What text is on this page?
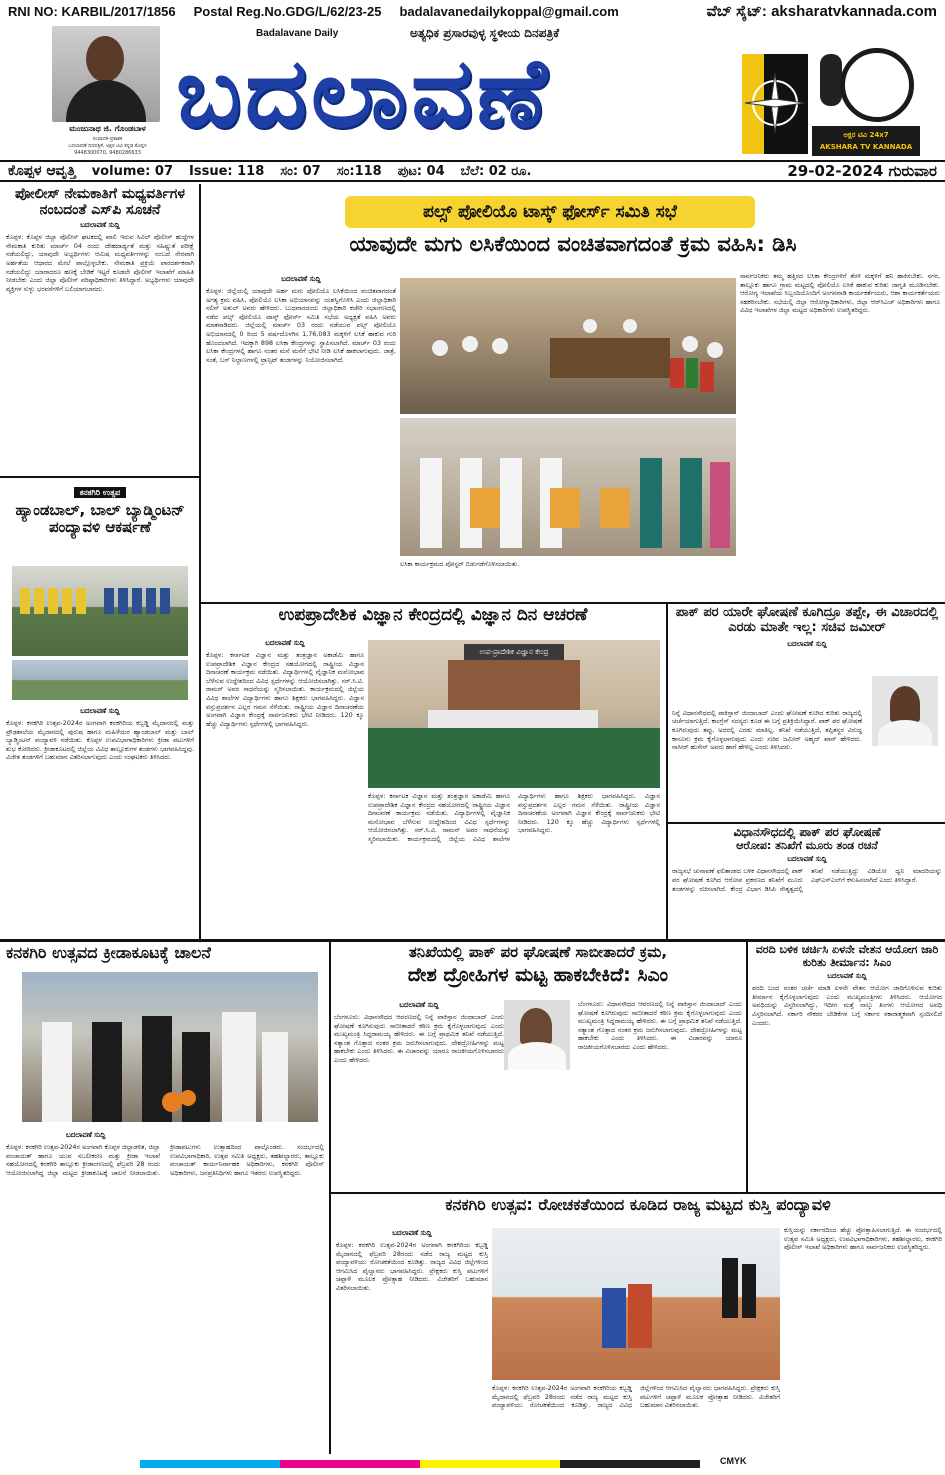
RNI NO: KARBIL/2017/1856 Postal Reg.No.GDG/L/62/23-25 badalavanedailykoppal@gmail.com	ವೆಬ್ ಸೈಟ್: aksharatvkannada.com
ಮಂಜುನಾಥ ಜಿ. ಗೊಂಡಬಾಳ
ಸಂಪಾದಕ-ಪ್ರಕಾಶಕ
ಬದಲಾವಣೆ ದಿನಪತ್ರಿಕೆ, ಅಕ್ಷರ ಟಿವಿ ಕನ್ನಡ ಕೊಪ್ಪಳ
9448300070, 9480286633
Badalavane Daily	ಅತ್ಯಧಿಕ ಪ್ರಸಾರವುಳ್ಳ ಸ್ಥಳೀಯ ದಿನಪತ್ರಿಕೆ
ಬದಲಾವಣೆ	ಅಕ್ಷರ ಟಿವಿ 24x7
AKSHARA TV KANNADA
ಕೊಪ್ಪಳ ಆವೃತ್ತಿ	volume: 07	Issue: 118	ಸಂ: 07	ಸಂ:118	ಪುಟ: 04	ಬೆಲೆ: 02 ರೂ.	29-02-2024 ಗುರುವಾರ
ಪೋಲೀಸ್ ನೇಮಕಾತಿಗೆ ಮಧ್ಯವರ್ತಿಗಳ ನಂಬದಂತೆ ಎಸ್‌ಪಿ ಸೂಚನೆ
ಬದಲಾವಣೆ ಸುದ್ದಿ
ಕೊಪ್ಪಳ: ಕೊಪ್ಪಳ ಜಿಲ್ಲಾ ಪೊಲೀಸ್ ಘಟಕದಲ್ಲಿ ಖಾಲಿ ಇರುವ ಸಿವಿಲ್ ಪೊಲೀಸ್ ಹುದ್ದೆಗಳ ನೇಮಕಾತಿ ಕುರಿತು ಮಾರ್ಚ್ 04 ರಂದು ದೇಹದಾರ್ಢ್ಯತೆ ಮತ್ತು ಸಹಿಷ್ಣುತೆ ಪರೀಕ್ಷೆ ನಡೆಯಲಿದ್ದು, ಯಾವುದೇ ಅಭ್ಯರ್ಥಿಗಳು ಆಮಿಷ ಮಧ್ಯವರ್ತಿಗಳನ್ನು ನಂಬದೆ ನೇರವಾಗಿ ಅರ್ಹತೆಯ ಆಧಾರದ ಮೇಲೆ ಪಾಲ್ಗೊಳ್ಳಬೇಕು. ನೇಮಕಾತಿ ಪ್ರಕ್ರಿಯೆ ಪಾರದರ್ಶಕವಾಗಿ ನಡೆಯಲಿದ್ದು ಯಾರಾದರೂ ಹಣಕ್ಕೆ ಬೇಡಿಕೆ ಇಟ್ಟರೆ ಕೂಡಲೇ ಪೊಲೀಸ್ ಇಲಾಖೆಗೆ ಮಾಹಿತಿ ನೀಡಬೇಕು ಎಂದು ಜಿಲ್ಲಾ ಪೊಲೀಸ್ ವರಿಷ್ಠಾಧಿಕಾರಿಗಳು ತಿಳಿಸಿದ್ದಾರೆ. ಅಭ್ಯರ್ಥಿಗಳು ಯಾವುದೇ ವ್ಯಕ್ತಿಗಳ ಸುಳ್ಳು ಭರವಸೆಗಳಿಗೆ ಬಲಿಯಾಗಬಾರದು.
ಕನಕಗಿರಿ ಉತ್ಸವ
ಹ್ಯಾಂಡಬಾಲ್, ಬಾಲ್ ಬ್ಯಾಡ್ಮಿಂಟನ್ ಪಂದ್ಯಾವಳಿ ಆಕರ್ಷಣೆ
ಬದಲಾವಣೆ ಸುದ್ದಿ
ಕೊಪ್ಪಳ: ಕನಕಗಿರಿ ಉತ್ಸವ-2024ರ ಅಂಗವಾಗಿ ಕನಕಗಿರಿಯ ಕಬ್ಬಡ್ಡಿ ಮೈದಾನದಲ್ಲಿ ಮತ್ತು ಪ್ರೌಢಶಾಲೆಯ ಮೈದಾನದಲ್ಲಿ ಪುರುಷ ಹಾಗೂ ಮಹಿಳೆಯರ ಹ್ಯಾಂಡಬಾಲ್ ಮತ್ತು ಬಾಲ್ ಬ್ಯಾಡ್ಮಿಂಟನ್ ಪಂದ್ಯಾವಳಿ ನಡೆಯಿತು. ಕೊಪ್ಪಳ ಉಪವಿಭಾಗಾಧಿಕಾರಿಗಳು ಕ್ರೀಡಾ ಪಟುಗಳಿಗೆ ಶುಭ ಕೋರಿದರು. ಕ್ರೀಡಾಕೂಟದಲ್ಲಿ ಜಿಲ್ಲೆಯ ವಿವಿಧ ತಾಲ್ಲೂಕುಗಳ ತಂಡಗಳು ಭಾಗವಹಿಸಿದ್ದವು. ವಿಜೇತ ತಂಡಗಳಿಗೆ ಬಹುಮಾನ ವಿತರಿಸಲಾಗುವುದು ಎಂದು ಸಂಘಟಕರು ತಿಳಿಸಿದರು.
ಪಲ್ಸ್ ಪೋಲಿಯೊ ಟಾಸ್ಕ್ ಫೋರ್ಸ್ ಸಮಿತಿ ಸಭೆ
ಯಾವುದೇ ಮಗು ಲಸಿಕೆಯಿಂದ ವಂಚಿತವಾಗದಂತೆ ಕ್ರಮ ವಹಿಸಿ: ಡಿಸಿ
ಬದಲಾವಣೆ ಸುದ್ದಿ
ಕೊಪ್ಪಳ: ಜಿಲ್ಲೆಯಲ್ಲಿ ಯಾವುದೇ ಅರ್ಹ ಮಗು ಪೋಲಿಯೊ ಲಸಿಕೆಯಿಂದ ವಂಚಿತವಾಗದಂತೆ ಅಗತ್ಯ ಕ್ರಮ ವಹಿಸಿ, ಪೋಲಿಯೊ ಲಸಿಕಾ ಅಭಿಯಾನವನ್ನು ಯಶಸ್ವಿಗೊಳಿಸಿ ಎಂದು ಜಿಲ್ಲಾಧಿಕಾರಿ ನಲಿನ್ ಅತುಲ್ ಅವರು ಹೇಳಿದರು. ಬುಧವಾರದಂದು ಜಿಲ್ಲಾಧಿಕಾರಿ ಕಚೇರಿ ಸಭಾಂಗಣದಲ್ಲಿ ನಡೆದ ಪಲ್ಸ್ ಪೋಲಿಯೊ ಟಾಸ್ಕ್ ಫೋರ್ಸ್ ಸಮಿತಿ ಸಭೆಯ ಅಧ್ಯಕ್ಷತೆ ವಹಿಸಿ ಅವರು ಮಾತನಾಡಿದರು. ಜಿಲ್ಲೆಯಲ್ಲಿ ಮಾರ್ಚ್ 03 ರಂದು ನಡೆಯುವ ಪಲ್ಸ್ ಪೋಲಿಯೊ ಅಭಿಯಾನದಲ್ಲಿ 0 ರಿಂದ 5 ವರ್ಷದೊಳಗಿನ 1,76,083 ಮಕ್ಕಳಿಗೆ ಲಸಿಕೆ ಹಾಕುವ ಗುರಿ ಹೊಂದಲಾಗಿದೆ. ಇದಕ್ಕಾಗಿ 898 ಲಸಿಕಾ ಕೇಂದ್ರಗಳನ್ನು ಸ್ಥಾಪಿಸಲಾಗಿದೆ. ಮಾರ್ಚ್ 03 ರಂದು ಲಸಿಕಾ ಕೇಂದ್ರಗಳಲ್ಲಿ ಹಾಗೂ ನಂತರ ಮನೆ ಮನೆಗೆ ಭೇಟಿ ನೀಡಿ ಲಸಿಕೆ ಹಾಕಲಾಗುವುದು. ಜಾತ್ರೆ, ಸಂತೆ, ಬಸ್ ನಿಲ್ದಾಣಗಳಲ್ಲಿ ಟ್ರಾನ್ಸಿಟ್ ತಂಡಗಳನ್ನು ನಿಯೋಜಿಸಲಾಗಿದೆ.
ಲಸಿಕಾ ಕಾರ್ಯಕ್ರಮದ ಪೋಸ್ಟರ್ ಬಿಡುಗಡೆಗೊಳಿಸಲಾಯಿತು.
ಸಾರ್ವಜನಿಕರು ತಮ್ಮ ಹತ್ತಿರದ ಲಸಿಕಾ ಕೇಂದ್ರಗಳಿಗೆ ತೆರಳಿ ಮಕ್ಕಳಿಗೆ ಹನಿ ಹಾಕಿಸಬೇಕು. ನಗರ, ತಾಲ್ಲೂಕು ಹಾಗೂ ಗ್ರಾಮ ಮಟ್ಟದಲ್ಲಿ ಪೋಲಿಯೊ ಲಸಿಕೆ ಹಾಕುವ ಕುರಿತು ಜಾಗೃತಿ ಮೂಡಿಸಬೇಕು. ಆರೋಗ್ಯ ಇಲಾಖೆಯ ಸಿಬ್ಬಂದಿಯೊಂದಿಗೆ ಅಂಗನವಾಡಿ ಕಾರ್ಯಕರ್ತೆಯರು, ಆಶಾ ಕಾರ್ಯಕರ್ತೆಯರು ಸಹಕರಿಸಬೇಕು. ಸಭೆಯಲ್ಲಿ ಜಿಲ್ಲಾ ಆರೋಗ್ಯಾಧಿಕಾರಿಗಳು, ಜಿಲ್ಲಾ ಆರ್‌ಸಿಎಚ್ ಅಧಿಕಾರಿಗಳು ಹಾಗೂ ವಿವಿಧ ಇಲಾಖೆಗಳ ಜಿಲ್ಲಾ ಮಟ್ಟದ ಅಧಿಕಾರಿಗಳು ಉಪಸ್ಥಿತರಿದ್ದರು.
ಉಪಪ್ರಾದೇಶಿಕ ವಿಜ್ಞಾನ ಕೇಂದ್ರದಲ್ಲಿ ವಿಜ್ಞಾನ ದಿನ ಆಚರಣೆ
ಬದಲಾವಣೆ ಸುದ್ದಿ
ಕೊಪ್ಪಳ: ಕರ್ನಾಟಕ ವಿಜ್ಞಾನ ಮತ್ತು ತಂತ್ರಜ್ಞಾನ ಅಕಾಡೆಮಿ ಹಾಗೂ ಉಪಪ್ರಾದೇಶಿಕ ವಿಜ್ಞಾನ ಕೇಂದ್ರದ ಸಹಯೋಗದಲ್ಲಿ ರಾಷ್ಟ್ರೀಯ ವಿಜ್ಞಾನ ದಿನಾಚರಣೆ ಕಾರ್ಯಕ್ರಮ ನಡೆಯಿತು. ವಿದ್ಯಾರ್ಥಿಗಳಲ್ಲಿ ವೈಜ್ಞಾನಿಕ ಮನೋಭಾವ ಬೆಳೆಸುವ ಉದ್ದೇಶದಿಂದ ವಿವಿಧ ಸ್ಪರ್ಧೆಗಳನ್ನು ಆಯೋಜಿಸಲಾಗಿತ್ತು. ಸರ್.ಸಿ.ವಿ. ರಾಮನ್ ಅವರ ಸಾಧನೆಯನ್ನು ಸ್ಮರಿಸಲಾಯಿತು. ಕಾರ್ಯಕ್ರಮದಲ್ಲಿ ಜಿಲ್ಲೆಯ ವಿವಿಧ ಶಾಲೆಗಳ ವಿದ್ಯಾರ್ಥಿಗಳು ಹಾಗೂ ಶಿಕ್ಷಕರು ಭಾಗವಹಿಸಿದ್ದರು. ವಿಜ್ಞಾನ ವಸ್ತುಪ್ರದರ್ಶನ ಎಲ್ಲರ ಗಮನ ಸೆಳೆಯಿತು. ರಾಷ್ಟ್ರೀಯ ವಿಜ್ಞಾನ ದಿನಾಚರಣೆಯ ಅಂಗವಾಗಿ ವಿಜ್ಞಾನ ಕೇಂದ್ರಕ್ಕೆ ಸಾರ್ವಜನಿಕರು ಭೇಟಿ ನೀಡಿದರು. 120 ಕ್ಕೂ ಹೆಚ್ಚು ವಿದ್ಯಾರ್ಥಿಗಳು ಸ್ಪರ್ಧೆಗಳಲ್ಲಿ ಭಾಗವಹಿಸಿದ್ದರು.
ಉಪ-ಪ್ರಾದೇಶಿಕ ವಿಜ್ಞಾನ ಕೇಂದ್ರ
ಕೊಪ್ಪಳ: ಕರ್ನಾಟಕ ವಿಜ್ಞಾನ ಮತ್ತು ತಂತ್ರಜ್ಞಾನ ಅಕಾಡೆಮಿ ಹಾಗೂ ಉಪಪ್ರಾದೇಶಿಕ ವಿಜ್ಞಾನ ಕೇಂದ್ರದ ಸಹಯೋಗದಲ್ಲಿ ರಾಷ್ಟ್ರೀಯ ವಿಜ್ಞಾನ ದಿನಾಚರಣೆ ಕಾರ್ಯಕ್ರಮ ನಡೆಯಿತು. ವಿದ್ಯಾರ್ಥಿಗಳಲ್ಲಿ ವೈಜ್ಞಾನಿಕ ಮನೋಭಾವ ಬೆಳೆಸುವ ಉದ್ದೇಶದಿಂದ ವಿವಿಧ ಸ್ಪರ್ಧೆಗಳನ್ನು ಆಯೋಜಿಸಲಾಗಿತ್ತು. ಸರ್.ಸಿ.ವಿ. ರಾಮನ್ ಅವರ ಸಾಧನೆಯನ್ನು ಸ್ಮರಿಸಲಾಯಿತು. ಕಾರ್ಯಕ್ರಮದಲ್ಲಿ ಜಿಲ್ಲೆಯ ವಿವಿಧ ಶಾಲೆಗಳ ವಿದ್ಯಾರ್ಥಿಗಳು ಹಾಗೂ ಶಿಕ್ಷಕರು ಭಾಗವಹಿಸಿದ್ದರು. ವಿಜ್ಞಾನ ವಸ್ತುಪ್ರದರ್ಶನ ಎಲ್ಲರ ಗಮನ ಸೆಳೆಯಿತು. ರಾಷ್ಟ್ರೀಯ ವಿಜ್ಞಾನ ದಿನಾಚರಣೆಯ ಅಂಗವಾಗಿ ವಿಜ್ಞಾನ ಕೇಂದ್ರಕ್ಕೆ ಸಾರ್ವಜನಿಕರು ಭೇಟಿ ನೀಡಿದರು. 120 ಕ್ಕೂ ಹೆಚ್ಚು ವಿದ್ಯಾರ್ಥಿಗಳು ಸ್ಪರ್ಧೆಗಳಲ್ಲಿ ಭಾಗವಹಿಸಿದ್ದರು.
ಪಾಕ್ ಪರ ಯಾರೇ ಘೋಷಣೆ ಕೂಗಿದ್ರೂ ತಪ್ಪೇ, ಈ ವಿಚಾರದಲ್ಲಿ ಎರಡು ಮಾತೇ ಇಲ್ಲ: ಸಚಿವ ಜಮೀರ್
ಬದಲಾವಣೆ ಸುದ್ದಿ
ನಿನ್ನೆ ವಿಧಾನಸೌಧದಲ್ಲಿ ಪಾಕಿಸ್ತಾನ್ ಜಿಂದಾಬಾದ್ ಎಂದು ಘೋಷಣೆ ಕೂಗಿದ ಕುರಿತು ರಾಜ್ಯದಲ್ಲಿ ಚರ್ಚೆಯಾಗುತ್ತಿದೆ. ಕಾಂಗ್ರೆಸ್ ಸದಸ್ಯರು ಕೂಡ ಈ ಬಗ್ಗೆ ಪ್ರತಿಕ್ರಿಯಿಸಿದ್ದಾರೆ. ಪಾಕ್ ಪರ ಘೋಷಣೆ ಕೂಗಿರುವುದು ತಪ್ಪು, ಅದರಲ್ಲಿ ಎರಡು ಮಾತಿಲ್ಲ. ತನಿಖೆ ನಡೆಯುತ್ತಿದೆ, ತಪ್ಪಿತಸ್ಥರ ವಿರುದ್ಧ ಕಾನೂನು ಕ್ರಮ ಕೈಗೊಳ್ಳಲಾಗುವುದು ಎಂದು ಸಚಿವ ಜಮೀರ್ ಅಹ್ಮದ್ ಖಾನ್ ಹೇಳಿದರು. ನಾಸೀರ್ ಹುಸೇನ್ ಅವರು ಹಾಗೆ ಹೇಳಿಲ್ಲ ಎಂದು ತಿಳಿಸಿದರು.
ವಿಧಾನಸೌಧದಲ್ಲಿ ಪಾಕ್ ಪರ ಘೋಷಣೆ
ಆರೋಪ: ತನಿಖೆಗೆ ಮೂರು ತಂಡ ರಚನೆ
ಬದಲಾವಣೆ ಸುದ್ದಿ
ರಾಜ್ಯಸಭೆ ಚುನಾವಣೆ ಫಲಿತಾಂಶದ ಬಳಿಕ ವಿಧಾನಸೌಧದಲ್ಲಿ ಪಾಕ್ ಪರ ಘೋಷಣೆ ಕೂಗಿದ ಆರೋಪ ಪ್ರಕರಣದ ತನಿಖೆಗೆ ಮೂರು ತಂಡಗಳನ್ನು ರಚಿಸಲಾಗಿದೆ. ಕೇಂದ್ರ ವಿಭಾಗ ಡಿಸಿಪಿ ನೇತೃತ್ವದಲ್ಲಿ ತನಿಖೆ ನಡೆಯುತ್ತಿದ್ದು ವಿಡಿಯೋ ಧ್ವನಿ ಮಾದರಿಯನ್ನು ಎಫ್‌ಎಸ್‌ಎಲ್‌ಗೆ ಕಳುಹಿಸಲಾಗಿದೆ ಎಂದು ತಿಳಿಸಿದ್ದಾರೆ.
ಕನಕಗಿರಿ ಉತ್ಸವದ ಕ್ರೀಡಾಕೂಟಕ್ಕೆ ಚಾಲನೆ
ಬದಲಾವಣೆ ಸುದ್ದಿ
ಕೊಪ್ಪಳ: ಕನಕಗಿರಿ ಉತ್ಸವ-2024ರ ಅಂಗವಾಗಿ ಕೊಪ್ಪಳ ಜಿಲ್ಲಾಡಳಿತ, ಜಿಲ್ಲಾ ಪಂಚಾಯತ್ ಹಾಗೂ ಯುವ ಸಬಲೀಕರಣ ಮತ್ತು ಕ್ರೀಡಾ ಇಲಾಖೆ ಸಹಯೋಗದಲ್ಲಿ ಕನಕಗಿರಿ ತಾಲ್ಲೂಕು ಕ್ರೀಡಾಂಗಣದಲ್ಲಿ ಫೆಬ್ರವರಿ 28 ರಂದು ಆಯೋಜಿಸಲಾಗಿದ್ದ ಜಿಲ್ಲಾ ಮಟ್ಟದ ಕ್ರೀಡಾಕೂಟಕ್ಕೆ ಚಾಲನೆ ನೀಡಲಾಯಿತು. ಕ್ರೀಡಾಪಟುಗಳು ಉತ್ಸಾಹದಿಂದ ಪಾಲ್ಗೊಂಡರು. ಸಂದರ್ಭದಲ್ಲಿ ಉಪವಿಭಾಗಾಧಿಕಾರಿ, ಉತ್ಸವ ಸಮಿತಿ ಅಧ್ಯಕ್ಷರು, ತಹಶೀಲ್ದಾರರು, ತಾಲ್ಲೂಕು ಪಂಚಾಯತ್ ಕಾರ್ಯನಿರ್ವಾಹಕ ಅಧಿಕಾರಿಗಳು, ಕನಕಗಿರಿ ಪೊಲೀಸ್ ಅಧಿಕಾರಿಗಳು, ಜನಪ್ರತಿನಿಧಿಗಳು ಹಾಗೂ ಇತರರು ಉಪಸ್ಥಿತರಿದ್ದರು.
ತನಿಖೆಯಲ್ಲಿ ಪಾಕ್ ಪರ ಘೋಷಣೆ ಸಾಬೀತಾದರೆ ಕ್ರಮ,
ದೇಶ ದ್ರೋಹಿಗಳ ಮಟ್ಟ ಹಾಕಬೇಕಿದೆ: ಸಿಎಂ
ಬದಲಾವಣೆ ಸುದ್ದಿ
ಬೆಂಗಳೂರು: ವಿಧಾನಸೌಧದ ಆವರಣದಲ್ಲಿ ನಿನ್ನೆ ಪಾಕಿಸ್ತಾನ ಜಿಂದಾಬಾದ್ ಎಂದು ಘೋಷಣೆ ಕೂಗಿರುವುದು ಸಾಬೀತಾದರೆ ಕಠಿಣ ಕ್ರಮ ಕೈಗೊಳ್ಳಲಾಗುವುದು ಎಂದು ಮುಖ್ಯಮಂತ್ರಿ ಸಿದ್ದರಾಮಯ್ಯ ಹೇಳಿದರು. ಈ ಬಗ್ಗೆ ಪ್ರಾಥಮಿಕ ತನಿಖೆ ನಡೆಯುತ್ತಿದೆ. ಸತ್ಯಾಂಶ ಗೊತ್ತಾದ ನಂತರ ಕ್ರಮ ಜರುಗಿಸಲಾಗುವುದು. ದೇಶದ್ರೋಹಿಗಳನ್ನು ಮಟ್ಟ ಹಾಕಬೇಕು ಎಂದು ತಿಳಿಸಿದರು. ಈ ವಿಚಾರವನ್ನು ಯಾರೂ ರಾಜಕೀಯಗೊಳಿಸಬಾರದು ಎಂದು ಹೇಳಿದರು.
ಬೆಂಗಳೂರು: ವಿಧಾನಸೌಧದ ಆವರಣದಲ್ಲಿ ನಿನ್ನೆ ಪಾಕಿಸ್ತಾನ ಜಿಂದಾಬಾದ್ ಎಂದು ಘೋಷಣೆ ಕೂಗಿರುವುದು ಸಾಬೀತಾದರೆ ಕಠಿಣ ಕ್ರಮ ಕೈಗೊಳ್ಳಲಾಗುವುದು ಎಂದು ಮುಖ್ಯಮಂತ್ರಿ ಸಿದ್ದರಾಮಯ್ಯ ಹೇಳಿದರು. ಈ ಬಗ್ಗೆ ಪ್ರಾಥಮಿಕ ತನಿಖೆ ನಡೆಯುತ್ತಿದೆ. ಸತ್ಯಾಂಶ ಗೊತ್ತಾದ ನಂತರ ಕ್ರಮ ಜರುಗಿಸಲಾಗುವುದು. ದೇಶದ್ರೋಹಿಗಳನ್ನು ಮಟ್ಟ ಹಾಕಬೇಕು ಎಂದು ತಿಳಿಸಿದರು. ಈ ವಿಚಾರವನ್ನು ಯಾರೂ ರಾಜಕೀಯಗೊಳಿಸಬಾರದು ಎಂದು ಹೇಳಿದರು.
ವರದಿ ಬಳಿಕ ಚರ್ಚಿಸಿ ಏಳನೇ ವೇತನ ಆಯೋಗ ಜಾರಿ ಕುರಿತು ತೀರ್ಮಾನ: ಸಿಎಂ
ಬದಲಾವಣೆ ಸುದ್ದಿ
ವರದಿ ಬಂದ ನಂತರ ಚರ್ಚೆ ಮಾಡಿ ಏಳನೇ ವೇತನ ಆಯೋಗ ಜಾರಿಗೊಳಿಸುವ ಕುರಿತು ತೀರ್ಮಾನ ಕೈಗೊಳ್ಳಲಾಗುವುದು ಎಂದು ಮುಖ್ಯಮಂತ್ರಿಗಳು ತಿಳಿಸಿದರು. ಆಯೋಗದ ಅವಧಿಯನ್ನು ವಿಸ್ತರಿಸಲಾಗಿದ್ದು, ಇದೀಗ ಮತ್ತೆ ನಾಲ್ಕು ತಿಂಗಳು ಆಯೋಗದ ಅವಧಿ ವಿಸ್ತರಿಸಲಾಗಿದೆ. ಸರ್ಕಾರಿ ನೌಕರರ ಬೇಡಿಕೆಗಳ ಬಗ್ಗೆ ಸರ್ಕಾರ ಸಕಾರಾತ್ಮಕವಾಗಿ ಸ್ಪಂದಿಸಲಿದೆ ಎಂದರು.
ಕನಕಗಿರಿ ಉತ್ಸವ: ರೋಚಕತೆಯಿಂದ ಕೂಡಿದ ರಾಜ್ಯ ಮಟ್ಟದ ಕುಸ್ತಿ ಪಂದ್ಯಾವಳಿ
ಬದಲಾವಣೆ ಸುದ್ದಿ
ಕೊಪ್ಪಳ: ಕನಕಗಿರಿ ಉತ್ಸವ-2024ರ ಅಂಗವಾಗಿ ಕನಕಗಿರಿಯ ಕಬ್ಬಡ್ಡಿ ಮೈದಾನದಲ್ಲಿ ಫೆಬ್ರವರಿ 28ರಂದು ನಡೆದ ರಾಜ್ಯ ಮಟ್ಟದ ಕುಸ್ತಿ ಪಂದ್ಯಾವಳಿಯು ರೋಚಕತೆಯಿಂದ ಕೂಡಿತ್ತು. ರಾಜ್ಯದ ವಿವಿಧ ಜಿಲ್ಲೆಗಳಿಂದ ಆಗಮಿಸಿದ ಪೈಲ್ವಾನರು ಭಾಗವಹಿಸಿದ್ದರು. ಪ್ರೇಕ್ಷಕರು ಕುಸ್ತಿ ಪಟುಗಳಿಗೆ ಚಪ್ಪಾಳೆ ಮೂಲಕ ಪ್ರೋತ್ಸಾಹ ನೀಡಿದರು. ವಿಜೇತರಿಗೆ ಬಹುಮಾನ ವಿತರಿಸಲಾಯಿತು.
ಕೊಪ್ಪಳ: ಕನಕಗಿರಿ ಉತ್ಸವ-2024ರ ಅಂಗವಾಗಿ ಕನಕಗಿರಿಯ ಕಬ್ಬಡ್ಡಿ ಮೈದಾನದಲ್ಲಿ ಫೆಬ್ರವರಿ 28ರಂದು ನಡೆದ ರಾಜ್ಯ ಮಟ್ಟದ ಕುಸ್ತಿ ಪಂದ್ಯಾವಳಿಯು ರೋಚಕತೆಯಿಂದ ಕೂಡಿತ್ತು. ರಾಜ್ಯದ ವಿವಿಧ ಜಿಲ್ಲೆಗಳಿಂದ ಆಗಮಿಸಿದ ಪೈಲ್ವಾನರು ಭಾಗವಹಿಸಿದ್ದರು. ಪ್ರೇಕ್ಷಕರು ಕುಸ್ತಿ ಪಟುಗಳಿಗೆ ಚಪ್ಪಾಳೆ ಮೂಲಕ ಪ್ರೋತ್ಸಾಹ ನೀಡಿದರು. ವಿಜೇತರಿಗೆ ಬಹುಮಾನ ವಿತರಿಸಲಾಯಿತು.
ಕುಸ್ತಿಯನ್ನು ಸರ್ಕಾರದಿಂದ ಹೆಚ್ಚು ಪ್ರೋತ್ಸಾಹಿಸಲಾಗುತ್ತಿದೆ. ಈ ಸಂದರ್ಭದಲ್ಲಿ ಉತ್ಸವ ಸಮಿತಿ ಅಧ್ಯಕ್ಷರು, ಉಪವಿಭಾಗಾಧಿಕಾರಿಗಳು, ತಹಶೀಲ್ದಾರರು, ಕನಕಗಿರಿ ಪೊಲೀಸ್ ಇಲಾಖೆ ಅಧಿಕಾರಿಗಳು ಹಾಗೂ ಸಾರ್ವಜನಿಕರು ಉಪಸ್ಥಿತರಿದ್ದರು.
CMYK
